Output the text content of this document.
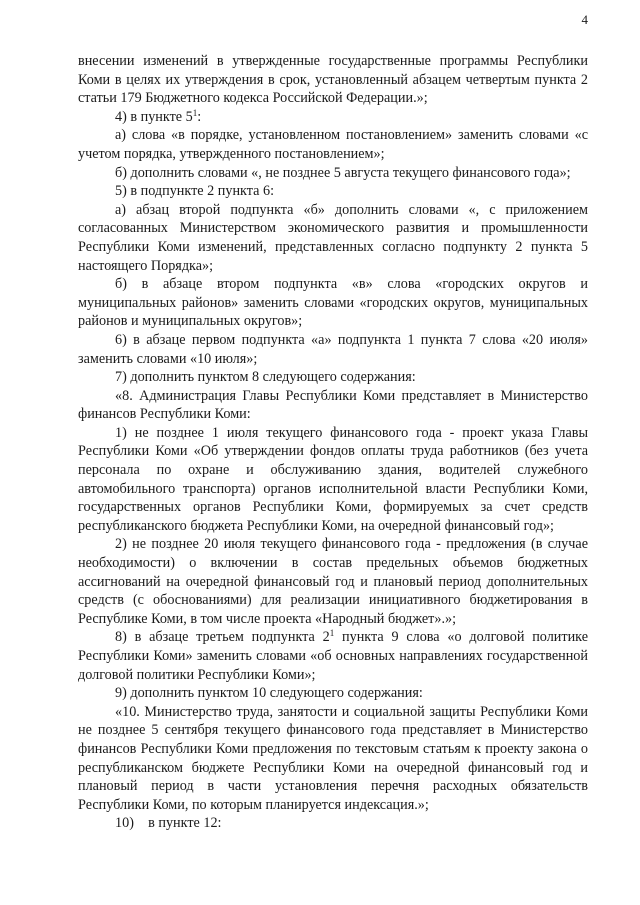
4

внесении изменений в утвержденные государственные программы Республики Коми в целях их утверждения в срок, установленный абзацем четвертым пункта 2 статьи 179 Бюджетного кодекса Российской Федерации.»;

4) в пункте $5^1$:

а) слова «в порядке, установленном постановлением» заменить словами «с учетом порядка, утвержденного постановлением»;

б) дополнить словами «, не позднее 5 августа текущего финансового года»;

5) в подпункте 2 пункта 6:

а) абзац второй подпункта «б» дополнить словами «, с приложением согласованных Министерством экономического развития и промышленности Республики Коми изменений, представленных согласно подпункту 2 пункта 5 настоящего Порядка»;

б) в абзаце втором подпункта «в» слова «городских округов и муниципальных районов» заменить словами «городских округов, муниципальных районов и муниципальных округов»;

6) в абзаце первом подпункта «а» подпункта 1 пункта 7 слова «20 июля» заменить словами «10 июля»;

7) дополнить пунктом 8 следующего содержания:

«8. Администрация Главы Республики Коми представляет в Министерство финансов Республики Коми:

1) не позднее 1 июля текущего финансового года - проект указа Главы Республики Коми «Об утверждении фондов оплаты труда работников (без учета персонала по охране и обслуживанию здания, водителей служебного автомобильного транспорта) органов исполнительной власти Республики Коми, государственных органов Республики Коми, формируемых за счет средств республиканского бюджета Республики Коми, на очередной финансовый год»;

2) не позднее 20 июля текущего финансового года - предложения (в случае необходимости) о включении в состав предельных объемов бюджетных ассигнований на очередной финансовый год и плановый период дополнительных средств (с обоснованиями) для реализации инициативного бюджетирования в Республике Коми, в том числе проекта «Народный бюджет».»;

8) в абзаце третьем подпункта $2^1$ пункта 9 слова «о долговой политике Республики Коми» заменить словами «об основных направлениях государственной долговой политики Республики Коми»;

9) дополнить пунктом 10 следующего содержания:

«10. Министерство труда, занятости и социальной защиты Республики Коми не позднее 5 сентября текущего финансового года представляет в Министерство финансов Республики Коми предложения по текстовым статьям к проекту закона о республиканском бюджете Республики Коми на очередной финансовый год и плановый период в части установления перечня расходных обязательств Республики Коми, по которым планируется индексация.»;

10)    в пункте 12:
